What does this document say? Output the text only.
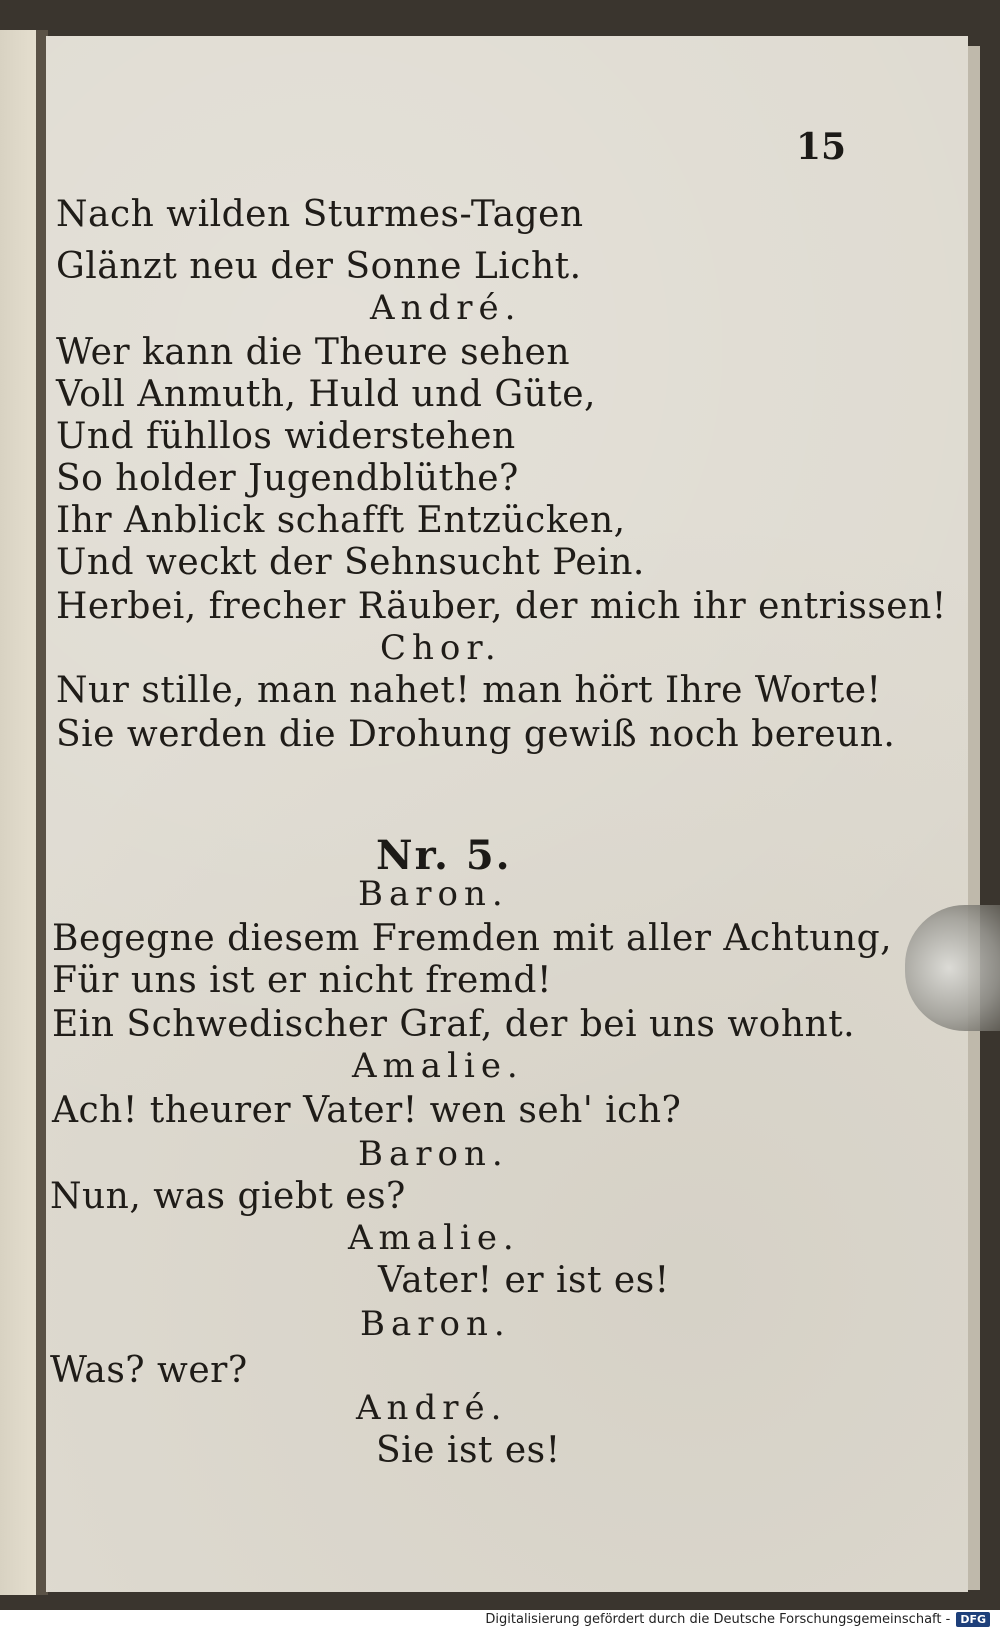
15
Nach wilden Sturmes-Tagen
Glänzt neu der Sonne Licht.
André.
Wer kann die Theure sehen
Voll Anmuth, Huld und Güte,
Und fühllos widerstehen
So holder Jugendblüthe?
Ihr Anblick schafft Entzücken,
Und weckt der Sehnsucht Pein.
Herbei, frecher Räuber, der mich ihr entrissen!
Chor.
Nur stille, man nahet! man hört Ihre Worte!
Sie werden die Drohung gewiß noch bereun.
Nr. 5.
Baron.
Begegne diesem Fremden mit aller Achtung,
Für uns ist er nicht fremd!
Ein Schwedischer Graf, der bei uns wohnt.
Amalie.
Ach! theurer Vater! wen seh' ich?
Baron.
Nun, was giebt es?
Amalie.
Vater! er ist es!
Baron.
Was? wer?
André.
Sie ist es!
Digitalisierung gefördert durch die Deutsche Forschungsgemeinschaft - DFG
